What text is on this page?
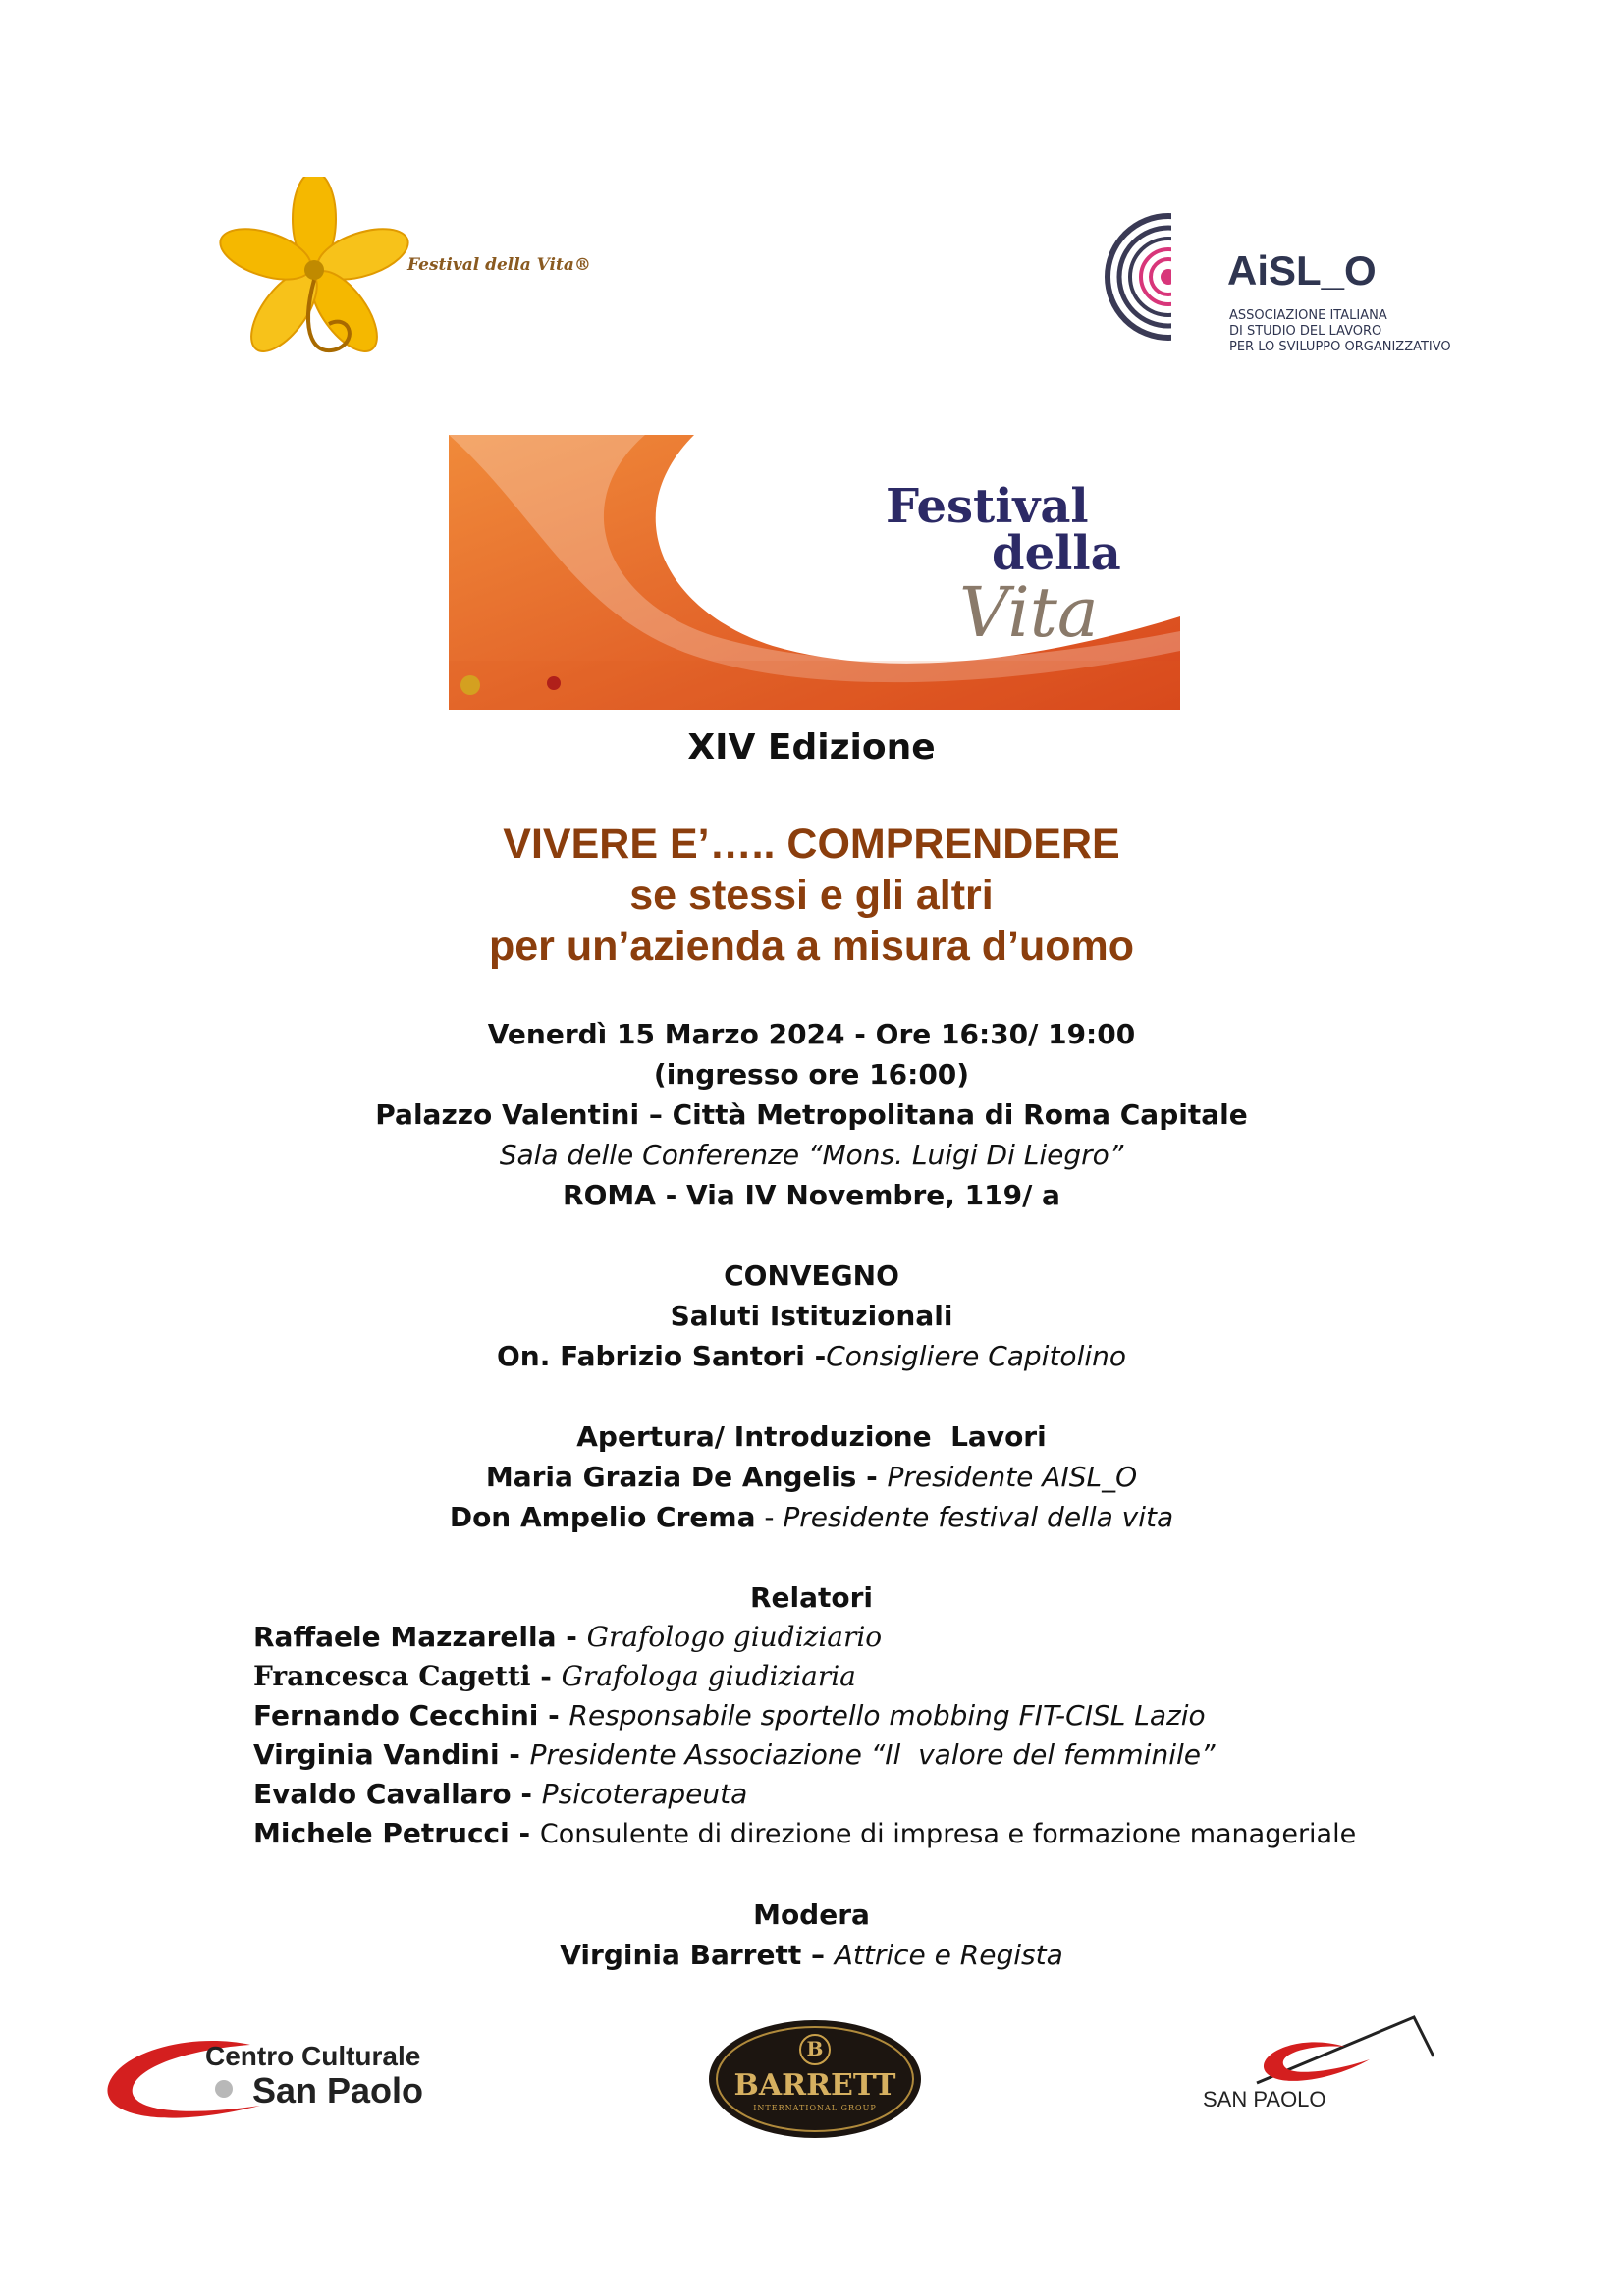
Festival della Vita®	AiSL_O
ASSOCIAZIONE ITALIANA
DI STUDIO DEL LAVORO
PER LO SVILUPPO ORGANIZZATIVO
Festival
della
Vita
XIV Edizione
VIVERE E’….. COMPRENDERE
se stessi e gli altri
per un’azienda a misura d’uomo
Venerdì 15 Marzo 2024 - Ore 16:30/ 19:00
(ingresso ore 16:00)
Palazzo Valentini – Città Metropolitana di Roma Capitale
Sala delle Conferenze “Mons. Luigi Di Liegro”
ROMA - Via IV Novembre, 119/ a
CONVEGNO
Saluti Istituzionali
On. Fabrizio Santori -Consigliere Capitolino
Apertura/ Introduzione  Lavori
Maria Grazia De Angelis - Presidente AISL_O
Don Ampelio Crema - Presidente festival della vita
Relatori
Raffaele Mazzarella - Grafologo giudiziario
Francesca Cagetti - Grafologa giudiziaria
Fernando Cecchini - Responsabile sportello mobbing FIT-CISL Lazio
Virginia Vandini - Presidente Associazione “Il  valore del femminile”
Evaldo Cavallaro - Psicoterapeuta
Michele Petrucci - Consulente di direzione di impresa e formazione manageriale
Modera
Virginia Barrett – Attrice e Regista
Centro Culturale
San Paolo
B
BARRETT
INTERNATIONAL GROUP	SAN PAOLO
